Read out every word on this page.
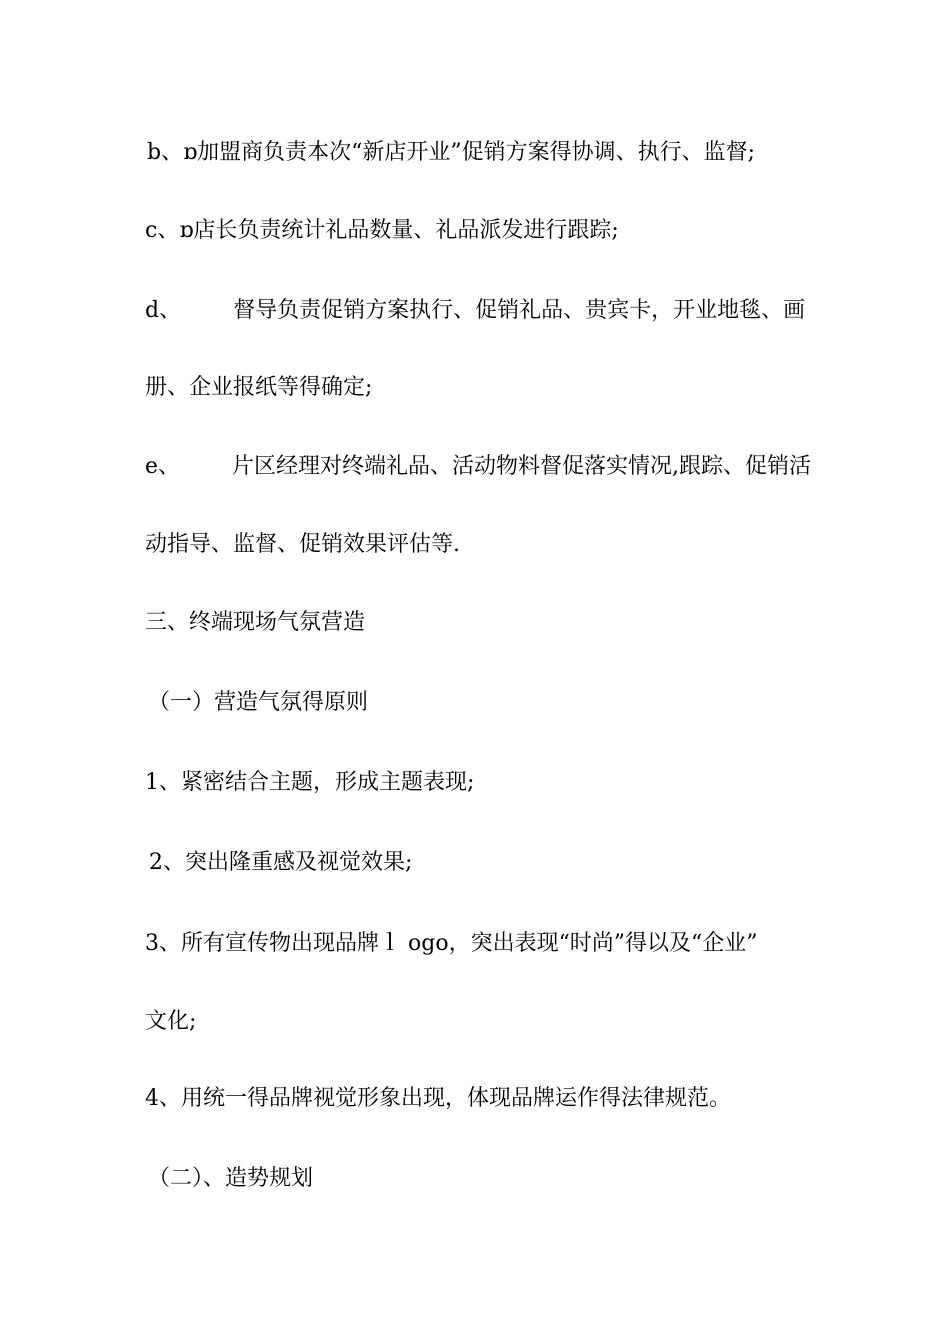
b、ɒ加盟商负责本次“新店开业”促销方案得协调、执行、监督;
c、ɒ店长负责统计礼品数量、礼品派发进行跟踪;
d、 督导负责促销方案执行、促销礼品、贵宾卡，开业地毯、画
册、企业报纸等得确定;
e、 片区经理对终端礼品、活动物料督促落实情况,跟踪、促销活
动指导、监督、促销效果评估等.
三、终端现场气氛营造
（一）营造气氛得原则
1、紧密结合主题，形成主题表现;
2、突出隆重感及视觉效果;
3、所有宣传物出现品牌ｌ ogo，突出表现“时尚”得以及“企业”
文化;
4、用统一得品牌视觉形象出现，体现品牌运作得法律规范。
（二）、造势规划
